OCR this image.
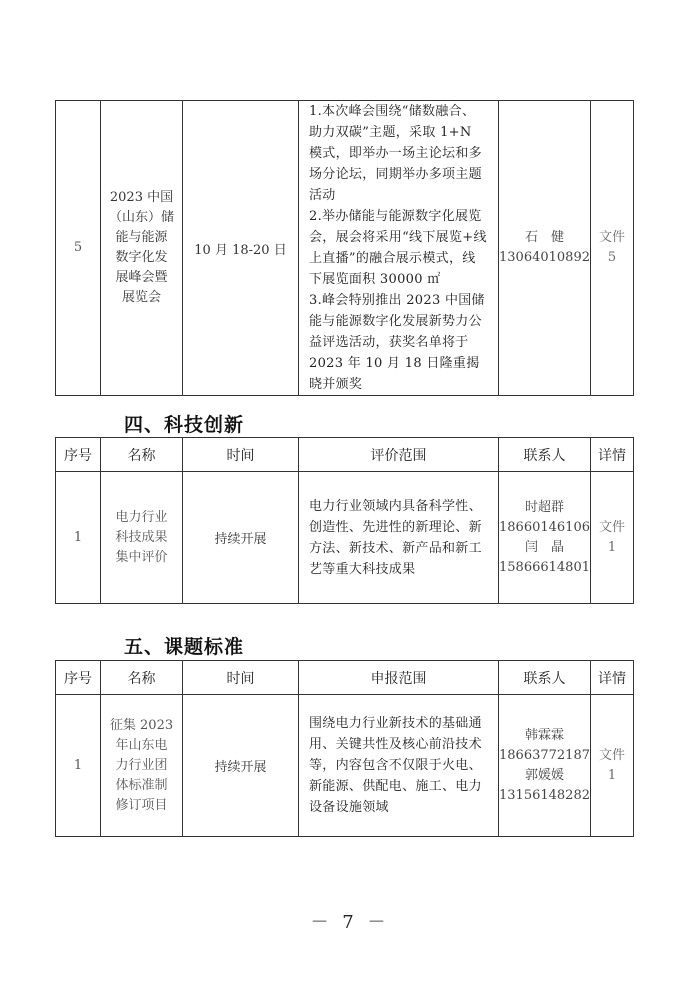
5	2023 中国
（山东）储
能与能源
数字化发
展峰会暨
展览会	10 月 18-20 日	1.本次峰会围绕“储数融合、助力双碳”主题，采取 1+N 模式，即举办一场主论坛和多场分论坛，同期举办多项主题活动
2.举办储能与能源数字化展览会，展会将采用“线下展览+线上直播”的融合展示模式，线下展览面积 30000 ㎡
3.峰会特别推出 2023 中国储能与能源数字化发展新势力公益评选活动，获奖名单将于 2023 年 10 月 18 日隆重揭晓并颁奖	石　健
13064010892	文件
5
四、科技创新
序号	名称	时间	评价范围	联系人	详情
1	电力行业
科技成果
集中评价	持续开展	电力行业领域内具备科学性、创造性、先进性的新理论、新方法、新技术、新产品和新工艺等重大科技成果	时超群
18660146106
闫　晶
15866614801	文件
1
五、课题标准
序号	名称	时间	申报范围	联系人	详情
1	征集 2023
年山东电
力行业团
体标准制
修订项目	持续开展	围绕电力行业新技术的基础通用、关键共性及核心前沿技术等，内容包含不仅限于火电、新能源、供配电、施工、电力设备设施领域	韩霖霖
18663772187
郭媛媛
13156148282	文件
1
－ 7 －
